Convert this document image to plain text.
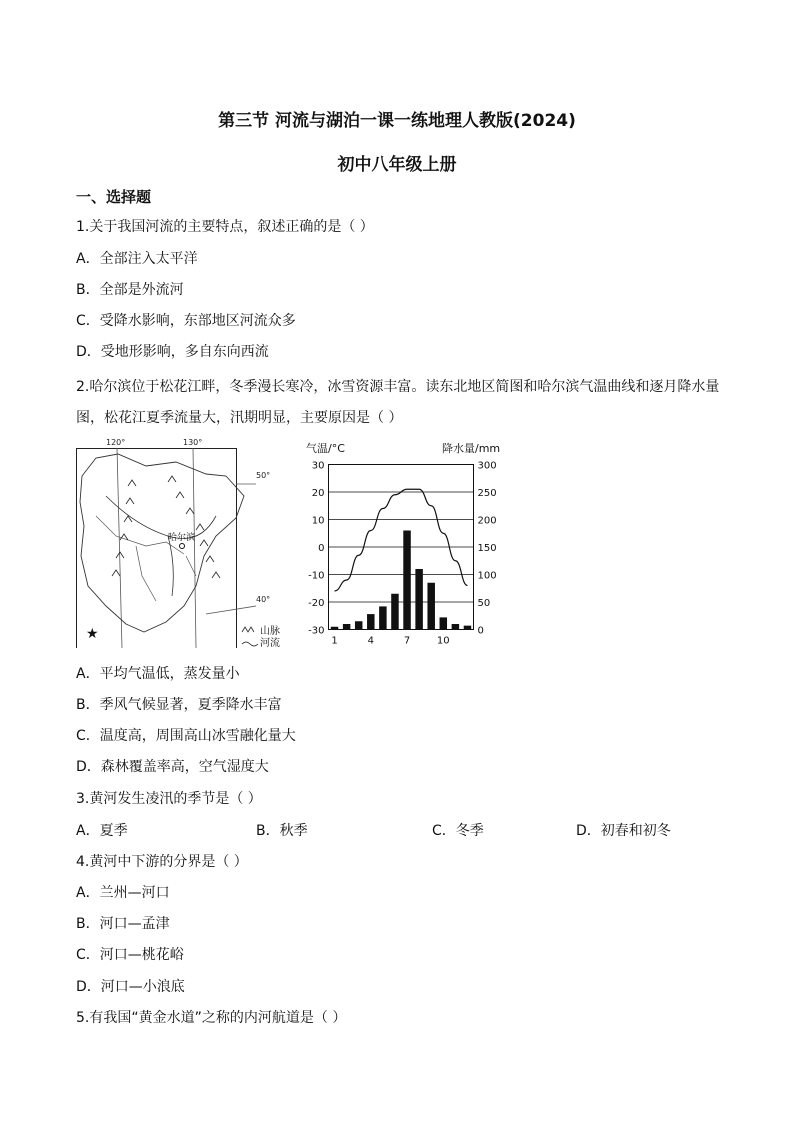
第三节 河流与湖泊一课一练地理人教版(2024)
初中八年级上册
一、选择题
1.关于我国河流的主要特点，叙述正确的是（ ）
A．全部注入太平洋
B．全部是外流河
C．受降水影响，东部地区河流众多
D．受地形影响，多自东向西流
2.哈尔滨位于松花江畔，冬季漫长寒冷，冰雪资源丰富。读东北地区简图和哈尔滨气温曲线和逐月降水量图，松花江夏季流量大，汛期明显，主要原因是（ ）
120°	130°
50°
40°
哈尔滨
★	山脉
河流
气温/°C	降水量/mm
30
20
10
0
-10
-20
-30
300
250
200
150
100
50
0
1	4	7	10
A．平均气温低，蒸发量小
B．季风气候显著，夏季降水丰富
C．温度高，周围高山冰雪融化量大
D．森林覆盖率高，空气湿度大
3.黄河发生凌汛的季节是（ ）
A．夏季	B．秋季	C．冬季	D．初春和初冬
4.黄河中下游的分界是（ ）
A．兰州—河口
B．河口—孟津
C．河口—桃花峪
D．河口—小浪底
5.有我国“黄金水道”之称的内河航道是（ ）
